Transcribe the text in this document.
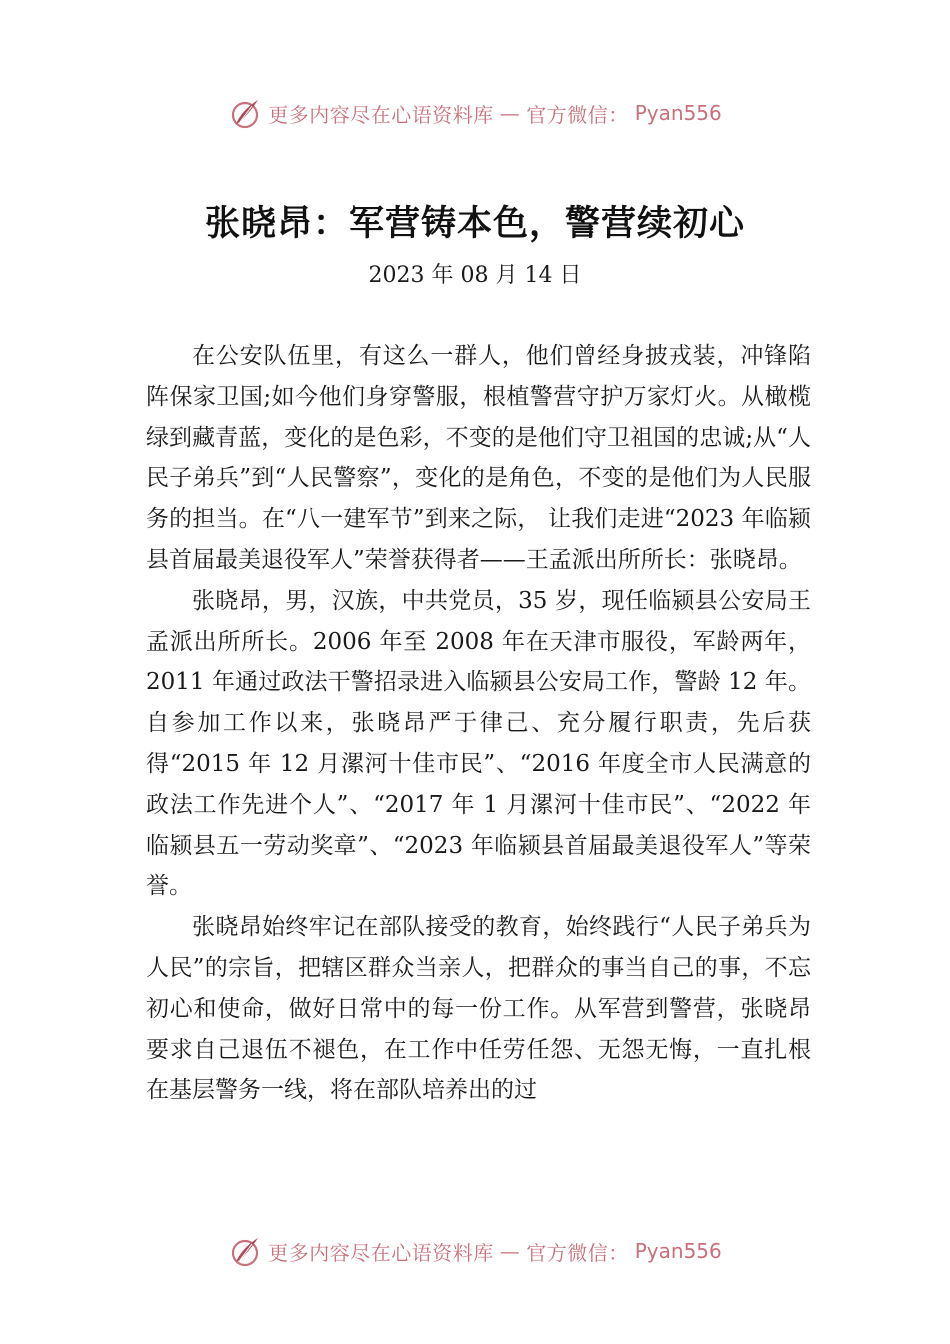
更多内容尽在心语资料库 — 官方微信： Pyan556
张晓昂：军营铸本色，警营续初心
2023 年 08 月 14 日

在公安队伍里，有这么一群人，他们曾经身披戎装，冲锋陷阵保家卫国;如今他们身穿警服，根植警营守护万家灯火。从橄榄绿到藏青蓝，变化的是色彩，不变的是他们守卫祖国的忠诚;从“人民子弟兵”到“人民警察”，变化的是角色，不变的是他们为人民服务的担当。在“八一建军节”到来之际， 让我们走进“2023 年临颍县首届最美退役军人”荣誉获得者——王孟派出所所长：张晓昂。

张晓昂，男，汉族，中共党员，35 岁，现任临颍县公安局王孟派出所所长。2006 年至 2008 年在天津市服役，军龄两年，2011 年通过政法干警招录进入临颍县公安局工作，警龄 12 年。自参加工作以来，张晓昂严于律己、充分履行职责，先后获得“2015 年 12 月漯河十佳市民”、“2016 年度全市人民满意的政法工作先进个人”、“2017 年 1 月漯河十佳市民”、“2022 年临颍县五一劳动奖章”、“2023 年临颍县首届最美退役军人”等荣誉。

张晓昂始终牢记在部队接受的教育，始终践行“人民子弟兵为人民”的宗旨，把辖区群众当亲人，把群众的事当自己的事，不忘初心和使命，做好日常中的每一份工作。从军营到警营，张晓昂要求自己退伍不褪色，在工作中任劳任怨、无怨无悔，一直扎根在基层警务一线，将在部队培养出的过

更多内容尽在心语资料库 — 官方微信： Pyan556
